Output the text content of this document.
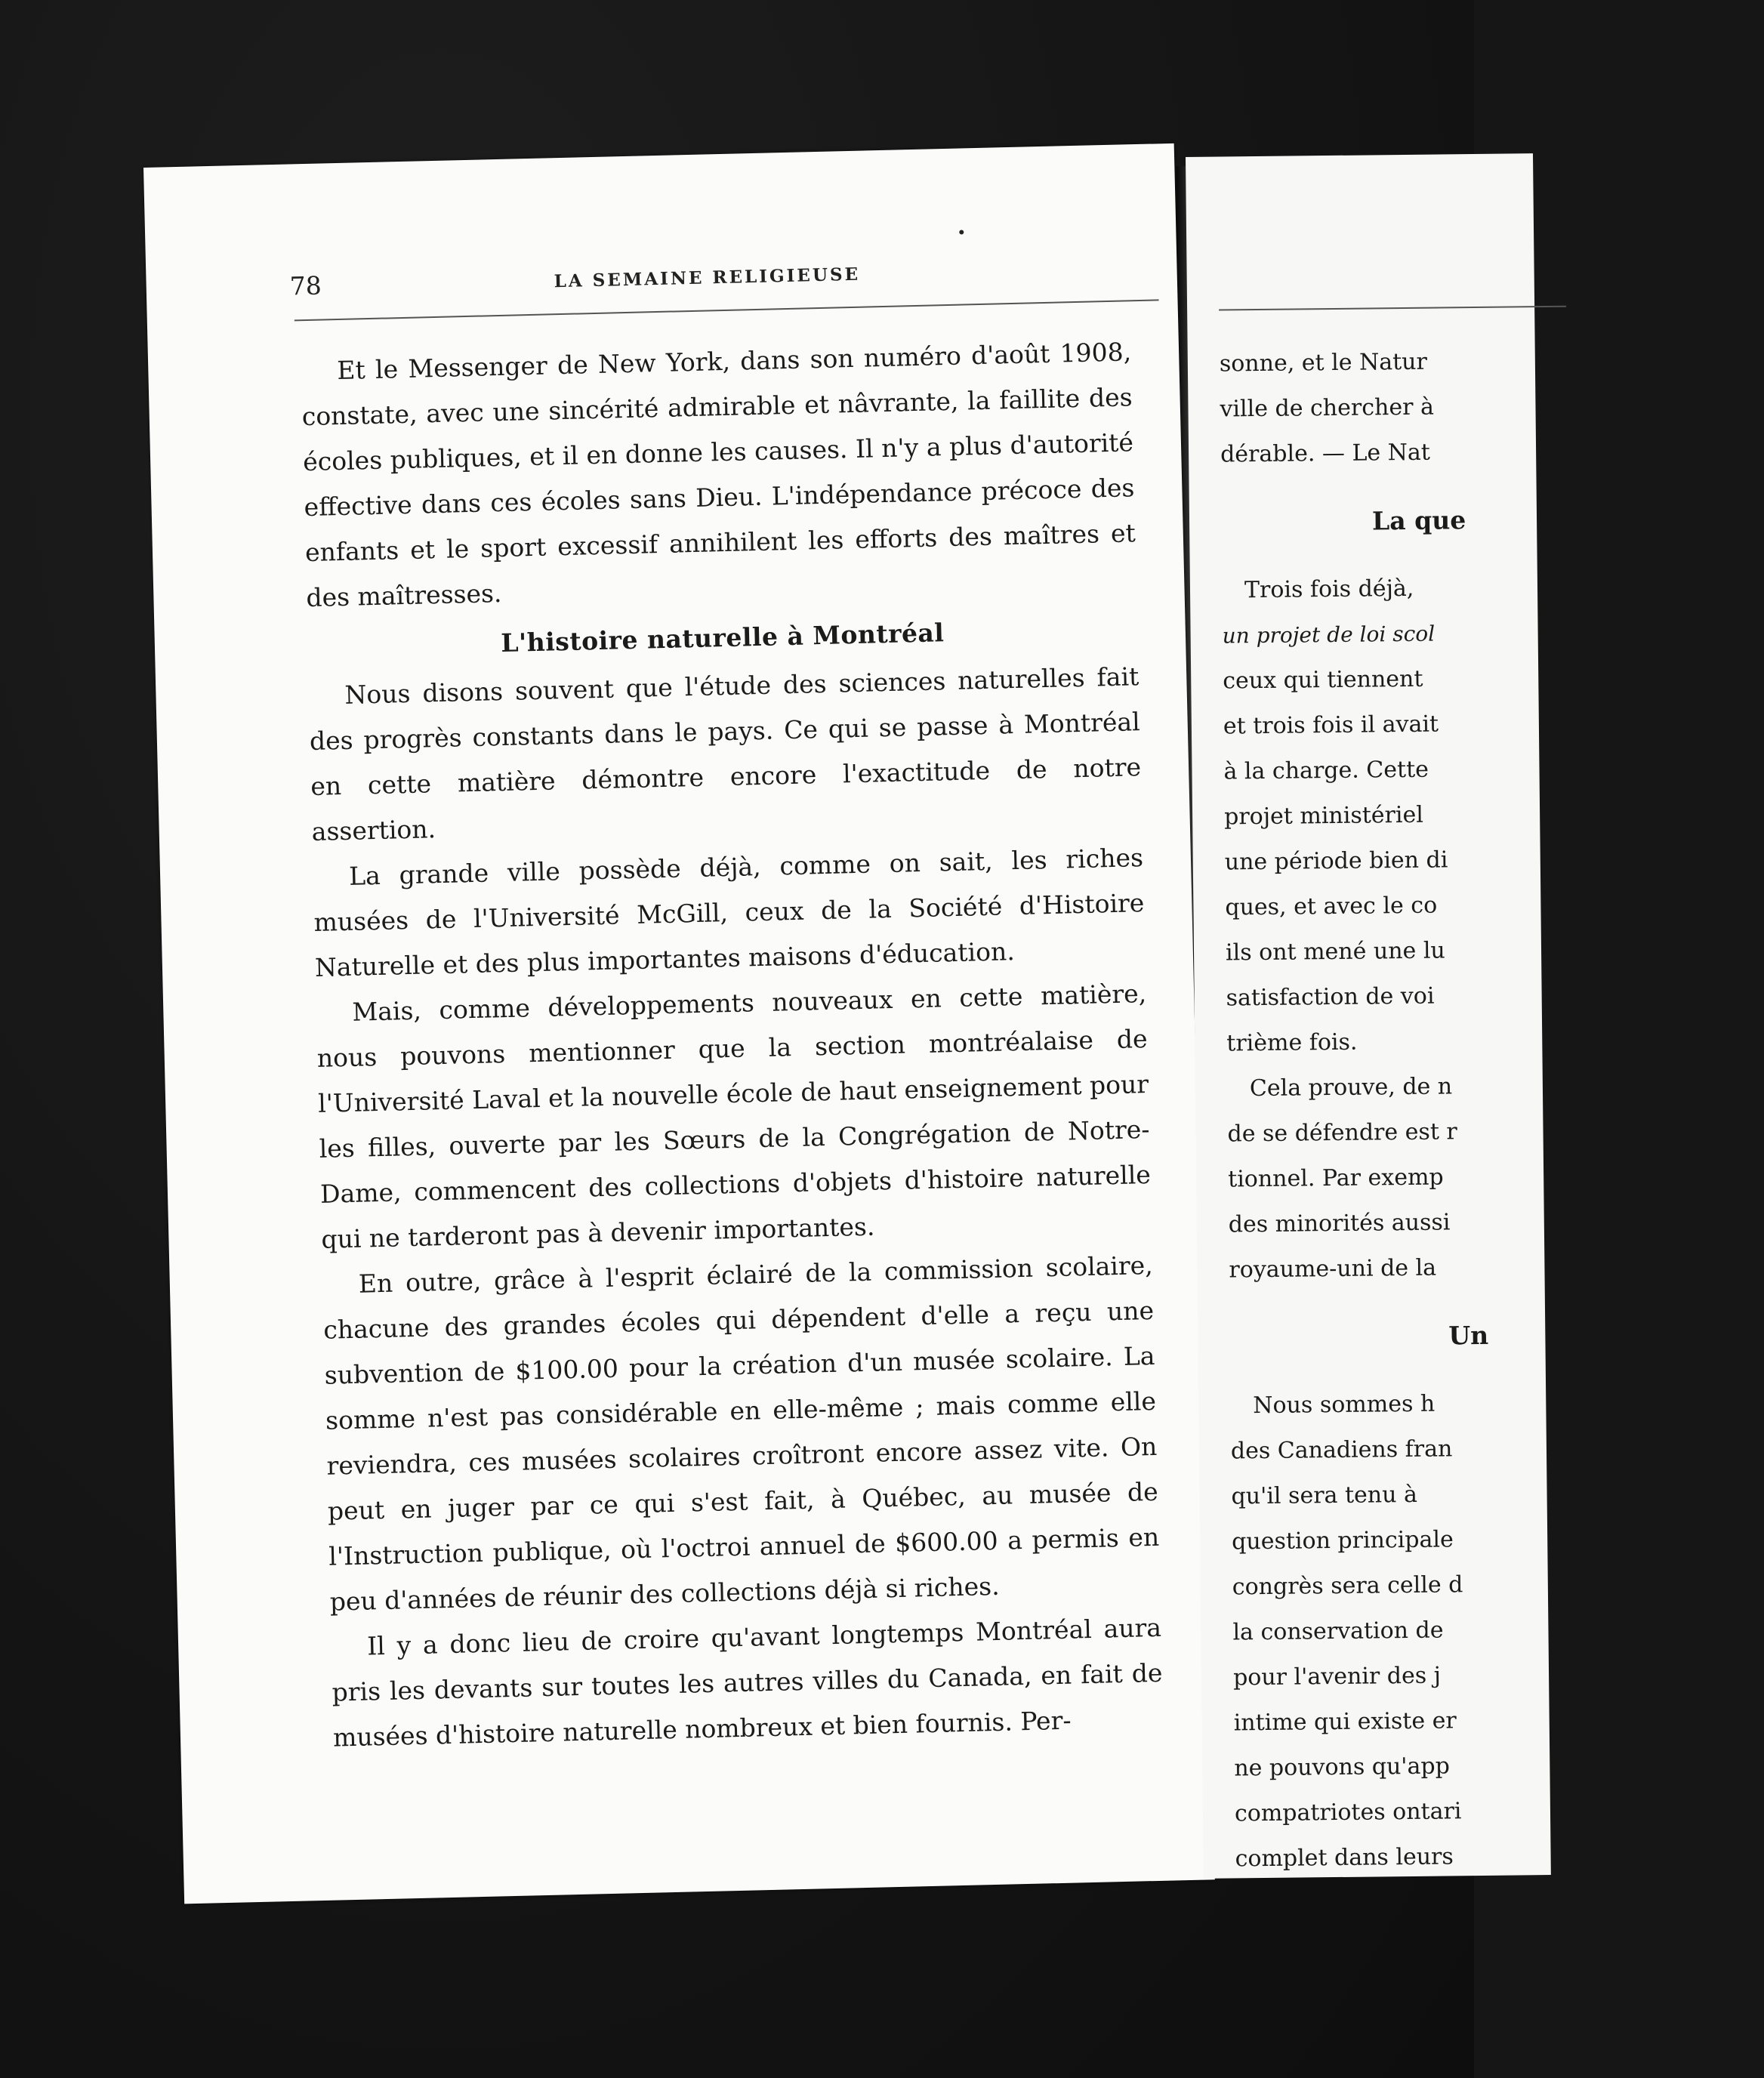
78	LA SEMAINE RELIGIEUSE

Et le Messenger de New York, dans son numéro d'août 1908, constate, avec une sincérité admirable et nâvrante, la faillite des écoles publiques, et il en donne les causes. Il n'y a plus d'autorité effective dans ces écoles sans Dieu. L'indépendance précoce des enfants et le sport excessif annihilent les efforts des maîtres et des maîtresses.

L'histoire naturelle à Montréal

Nous disons souvent que l'étude des sciences naturelles fait des progrès constants dans le pays. Ce qui se passe à Montréal en cette matière démontre encore l'exactitude de notre assertion.

La grande ville possède déjà, comme on sait, les riches musées de l'Université McGill, ceux de la Société d'Histoire Naturelle et des plus importantes maisons d'éducation.

Mais, comme développements nouveaux en cette matière, nous pouvons mentionner que la section montréalaise de l'Université Laval et la nouvelle école de haut enseignement pour les filles, ouverte par les Sœurs de la Congrégation de Notre-Dame, commencent des collections d'objets d'histoire naturelle qui ne tarderont pas à devenir importantes.

En outre, grâce à l'esprit éclairé de la commission scolaire, chacune des grandes écoles qui dépendent d'elle a reçu une subvention de $100.00 pour la création d'un musée scolaire. La somme n'est pas considérable en elle-même ; mais comme elle reviendra, ces musées scolaires croîtront encore assez vite. On peut en juger par ce qui s'est fait, à Québec, au musée de l'Instruction publique, où l'octroi annuel de $600.00 a permis en peu d'années de réunir des collections déjà si riches.

Il y a donc lieu de croire qu'avant longtemps Montréal aura pris les devants sur toutes les autres villes du Canada, en fait de musées d'histoire naturelle nombreux et bien fournis. Per-

sonne, et le Natur
ville de chercher à
dérable. — Le Nat
La que
Trois fois déjà,
un projet de loi scol
ceux qui tiennent
et trois fois il avait
à la charge. Cette
projet ministériel
une période bien di
ques, et avec le co
ils ont mené une lu
satisfaction de voi
trième fois.
Cela prouve, de n
de se défendre est r
tionnel. Par exemp
des minorités aussi
royaume-uni de la
Un
Nous sommes h
des Canadiens fran
qu'il sera tenu à
question principale
congrès sera celle d
la conservation de
pour l'avenir des j
intime qui existe er
ne pouvons qu'app
compatriotes ontari
complet dans leurs
